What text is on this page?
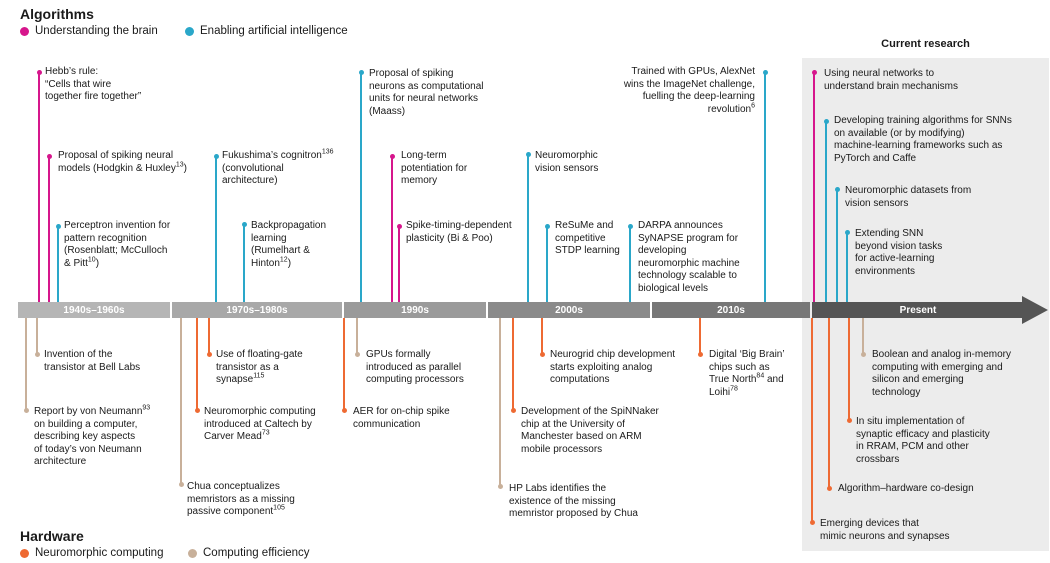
Current research
Algorithms
Understanding the brain	Enabling artificial intelligence
Hardware
Neuromorphic computing	Computing efficiency
1940s–1960s	1970s–1980s	1990s	2000s	2010s	Present
Hebb’s rule:
“Cells that wire
together fire together”
Proposal of spiking neural
models (Hodgkin & Huxley$^{13}$)
Perceptron invention for
pattern recognition
(Rosenblatt; McCulloch
& Pitt$^{10}$)
Fukushima’s cognitron$^{136}$
(convolutional
architecture)
Backpropagation
learning
(Rumelhart &
Hinton$^{12}$)
Proposal of spiking
neurons as computational
units for neural networks
(Maass)
Long-term
potentiation for
memory
Spike-timing-dependent
plasticity (Bi & Poo)
Neuromorphic
vision sensors
ReSuMe and
competitive
STDP learning
DARPA announces
SyNAPSE program for
developing
neuromorphic machine
technology scalable to
biological levels
Trained with GPUs, AlexNet
wins the ImageNet challenge,
fuelling the deep-learning
revolution$^6$
Using neural networks to
understand brain mechanisms
Developing training algorithms for SNNs
on available (or by modifying)
machine-learning frameworks such as
PyTorch and Caffe
Neuromorphic datasets from
vision sensors
Extending SNN
beyond vision tasks
for active-learning
environments
Invention of the
transistor at Bell Labs
Report by von Neumann$^{93}$
on building a computer,
describing key aspects
of today’s von Neumann
architecture
Use of floating-gate
transistor as a
synapse$^{115}$
Neuromorphic computing
introduced at Caltech by
Carver Mead$^{73}$
Chua conceptualizes
memristors as a missing
passive component$^{105}$
GPUs formally
introduced as parallel
computing processors
AER for on-chip spike
communication
Neurogrid chip development
starts exploiting analog
computations
Development of the SpiNNaker
chip at the University of
Manchester based on ARM
mobile processors
HP Labs identifies the
existence of the missing
memristor proposed by Chua
Digital ‘Big Brain’
chips such as
True North$^{84}$ and
Loihi$^{78}$
Boolean and analog in-memory
computing with emerging and
silicon and emerging
technology
In situ implementation of
synaptic efficacy and plasticity
in RRAM, PCM and other
crossbars
Algorithm–hardware co-design
Emerging devices that
mimic neurons and synapses
